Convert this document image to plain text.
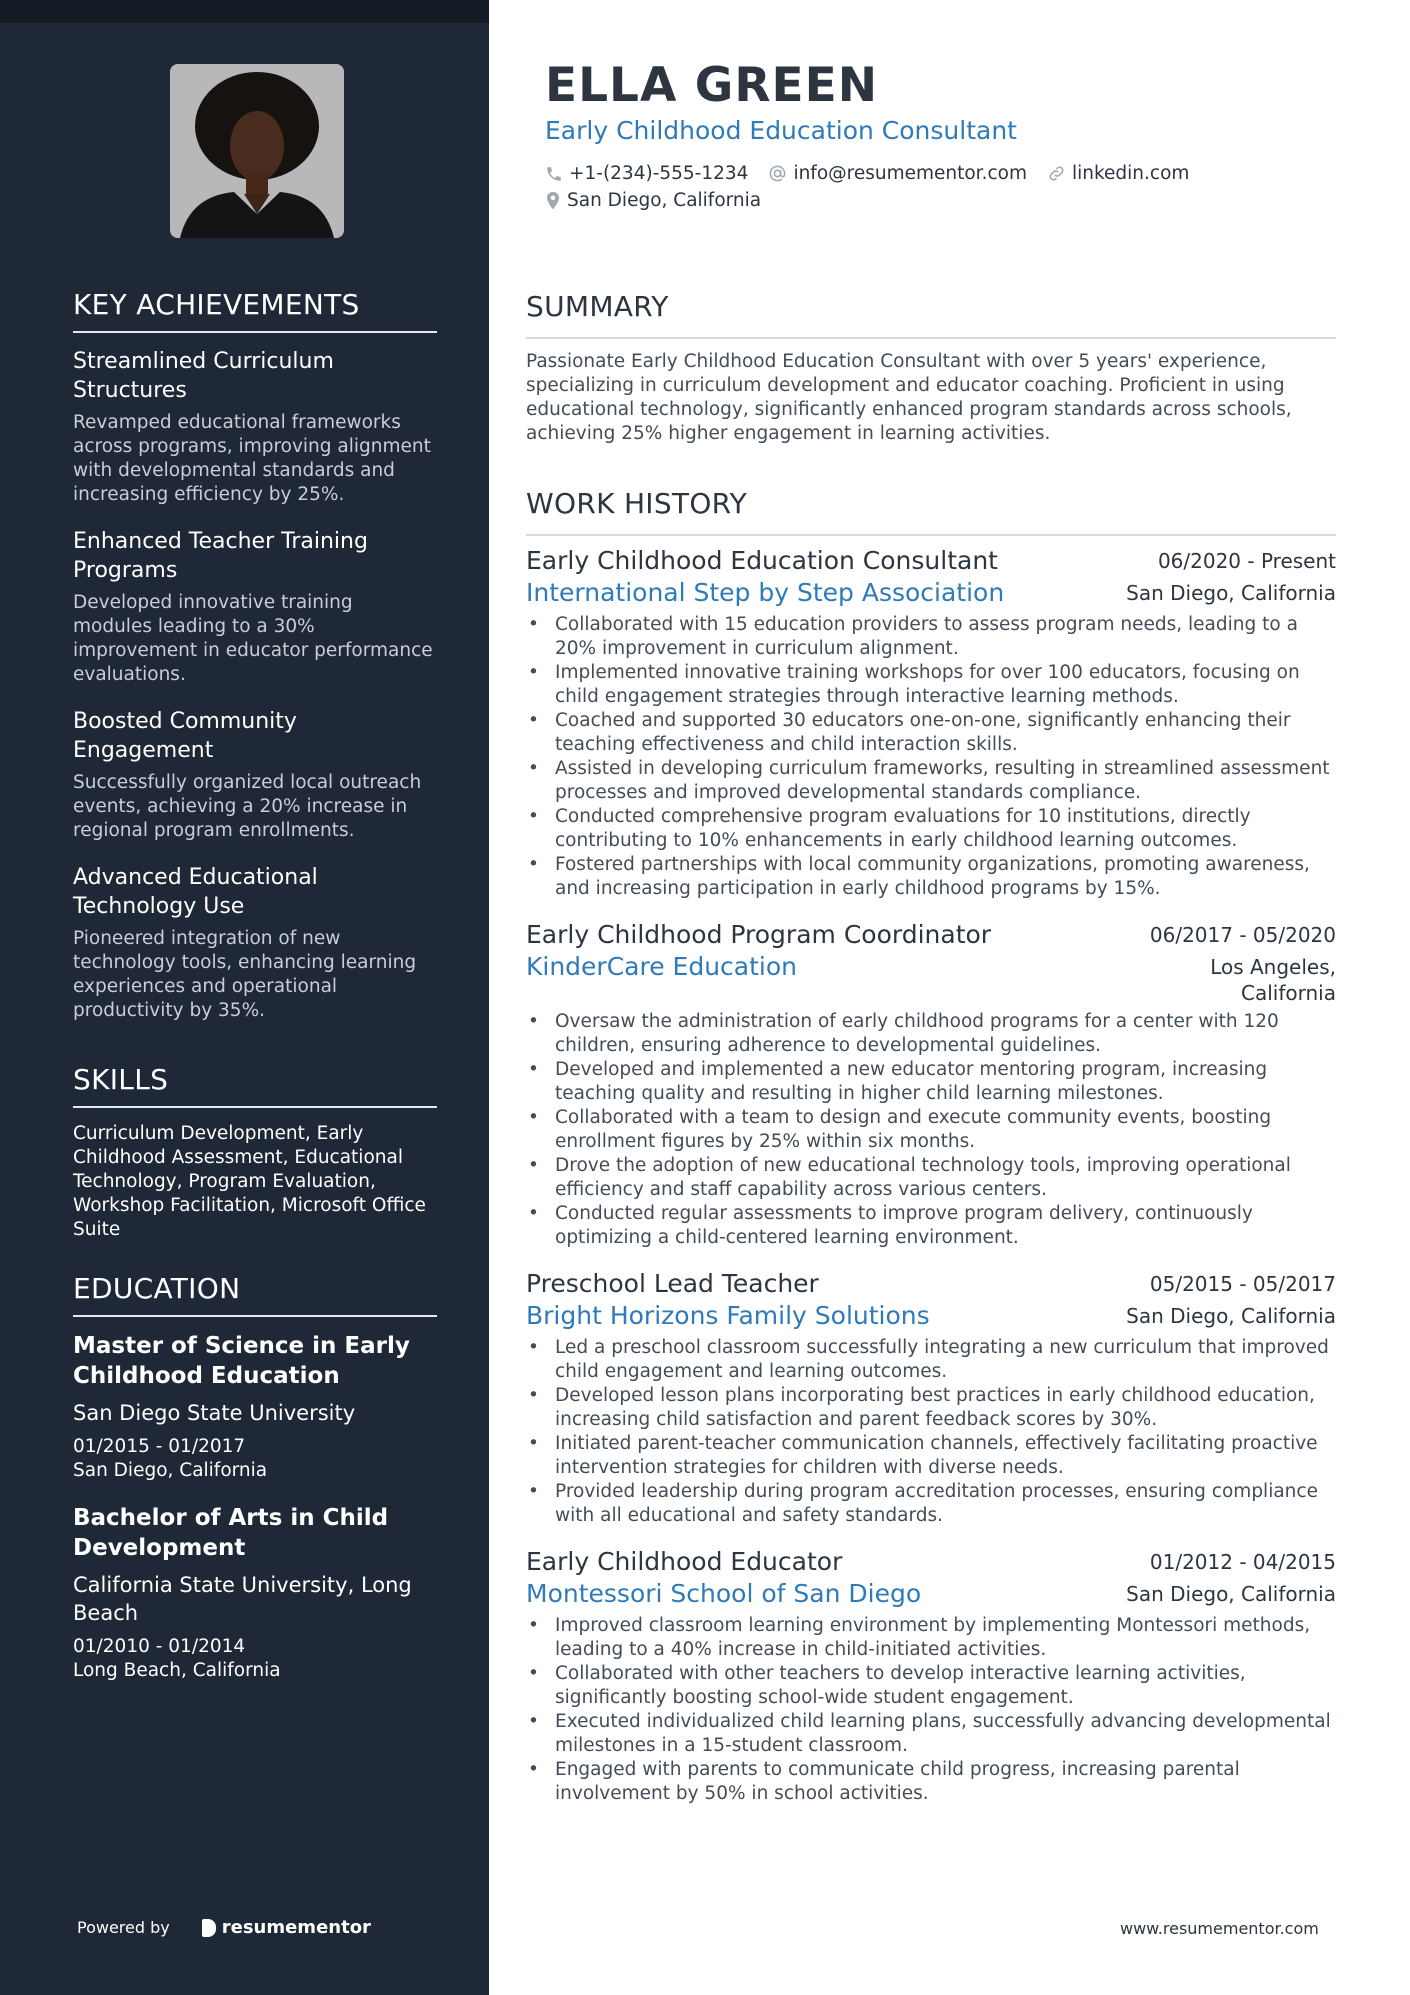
KEY ACHIEVEMENTS
Streamlined Curriculum Structures
Revamped educational frameworks across programs, improving alignment with developmental standards and increasing efficiency by 25%.
Enhanced Teacher Training Programs
Developed innovative training modules leading to a 30% improvement in educator performance evaluations.
Boosted Community Engagement
Successfully organized local outreach events, achieving a 20% increase in regional program enrollments.
Advanced Educational Technology Use
Pioneered integration of new technology tools, enhancing learning experiences and operational productivity by 35%.
SKILLS
Curriculum Development, Early Childhood Assessment, Educational Technology, Program Evaluation, Workshop Facilitation, Microsoft Office Suite
EDUCATION
Master of Science in Early Childhood Education
San Diego State University
01/2015 - 01/2017
San Diego, California
Bachelor of Arts in Child Development
California State University, Long Beach
01/2010 - 01/2014
Long Beach, California
Powered by	resumementor
ELLA GREEN
Early Childhood Education Consultant
+1-(234)-555-1234 info@resumementor.com linkedin.com
San Diego, California
SUMMARY
Passionate Early Childhood Education Consultant with over 5 years' experience, specializing in curriculum development and educator coaching. Proficient in using educational technology, significantly enhanced program standards across schools, achieving 25% higher engagement in learning activities.
WORK HISTORY
Early Childhood Education Consultant	06/2020 - Present
International Step by Step Association	San Diego, California
• Collaborated with 15 education providers to assess program needs, leading to a 20% improvement in curriculum alignment.
• Implemented innovative training workshops for over 100 educators, focusing on child engagement strategies through interactive learning methods.
• Coached and supported 30 educators one-on-one, significantly enhancing their teaching effectiveness and child interaction skills.
• Assisted in developing curriculum frameworks, resulting in streamlined assessment processes and improved developmental standards compliance.
• Conducted comprehensive program evaluations for 10 institutions, directly contributing to 10% enhancements in early childhood learning outcomes.
• Fostered partnerships with local community organizations, promoting awareness, and increasing participation in early childhood programs by 15%.
Early Childhood Program Coordinator	06/2017 - 05/2020
KinderCare Education	Los Angeles, California
• Oversaw the administration of early childhood programs for a center with 120 children, ensuring adherence to developmental guidelines.
• Developed and implemented a new educator mentoring program, increasing teaching quality and resulting in higher child learning milestones.
• Collaborated with a team to design and execute community events, boosting enrollment figures by 25% within six months.
• Drove the adoption of new educational technology tools, improving operational efficiency and staff capability across various centers.
• Conducted regular assessments to improve program delivery, continuously optimizing a child-centered learning environment.
Preschool Lead Teacher	05/2015 - 05/2017
Bright Horizons Family Solutions	San Diego, California
• Led a preschool classroom successfully integrating a new curriculum that improved child engagement and learning outcomes.
• Developed lesson plans incorporating best practices in early childhood education, increasing child satisfaction and parent feedback scores by 30%.
• Initiated parent-teacher communication channels, effectively facilitating proactive intervention strategies for children with diverse needs.
• Provided leadership during program accreditation processes, ensuring compliance with all educational and safety standards.
Early Childhood Educator	01/2012 - 04/2015
Montessori School of San Diego	San Diego, California
• Improved classroom learning environment by implementing Montessori methods, leading to a 40% increase in child-initiated activities.
• Collaborated with other teachers to develop interactive learning activities, significantly boosting school-wide student engagement.
• Executed individualized child learning plans, successfully advancing developmental milestones in a 15-student classroom.
• Engaged with parents to communicate child progress, increasing parental involvement by 50% in school activities.
www.resumementor.com
